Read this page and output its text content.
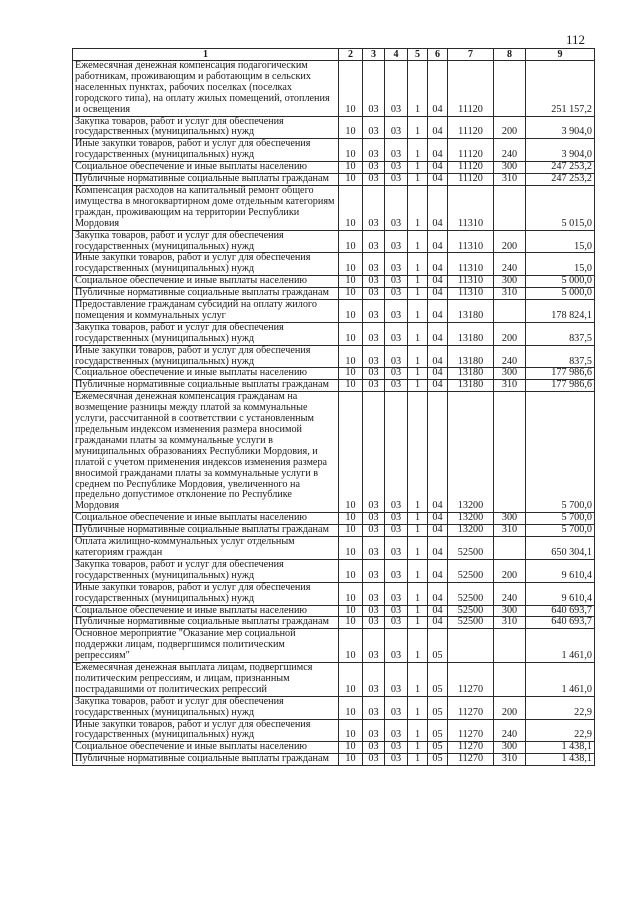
112
1	2	3	4	5	6	7	8	9
Ежемесячная денежная компенсация подагогическим работникам, проживающим и работающим в сельских населенных пунктах, рабочих поселках (поселках городского типа), на оплату жилых помещений, отопления и освещения	10	03	03	1	04	11120		251 157,2
Закупка товаров, работ и услуг для обеспечения государственных (муниципальных) нужд	10	03	03	1	04	11120	200	3 904,0
Иные закупки товаров, работ и услуг для обеспечения государственных (муниципальных) нужд	10	03	03	1	04	11120	240	3 904,0
Социальное обеспечение и иные выплаты населению	10	03	03	1	04	11120	300	247 253,2
Публичные нормативные социальные выплаты гражданам	10	03	03	1	04	11120	310	247 253,2
Компенсация расходов на капитальный ремонт общего имущества в многоквартирном доме отдельным категориям граждан, проживающим на территории Республики Мордовия	10	03	03	1	04	11310		5 015,0
Закупка товаров, работ и услуг для обеспечения государственных (муниципальных) нужд	10	03	03	1	04	11310	200	15,0
Иные закупки товаров, работ и услуг для обеспечения государственных (муниципальных) нужд	10	03	03	1	04	11310	240	15,0
Социальное обеспечение и иные выплаты населению	10	03	03	1	04	11310	300	5 000,0
Публичные нормативные социальные выплаты гражданам	10	03	03	1	04	11310	310	5 000,0
Предоставление гражданам субсидий на оплату жилого помещения и коммунальных услуг	10	03	03	1	04	13180		178 824,1
Закупка товаров, работ и услуг для обеспечения государственных (муниципальных) нужд	10	03	03	1	04	13180	200	837,5
Иные закупки товаров, работ и услуг для обеспечения государственных (муниципальных) нужд	10	03	03	1	04	13180	240	837,5
Социальное обеспечение и иные выплаты населению	10	03	03	1	04	13180	300	177 986,6
Публичные нормативные социальные выплаты гражданам	10	03	03	1	04	13180	310	177 986,6
Ежемесячная денежная компенсация гражданам на возмещение разницы между платой за коммунальные услуги, рассчитанной в соответствии с установленным предельным индексом изменения размера вносимой гражданами платы за коммунальные услуги в муниципальных образованиях Республики Мордовия, и платой с учетом применения индексов изменения размера вносимой гражданами платы за коммунальные услуги в среднем по Республике Мордовия, увеличенного на предельно допустимое отклонение по Республике Мордовия	10	03	03	1	04	13200		5 700,0
Социальное обеспечение и иные выплаты населению	10	03	03	1	04	13200	300	5 700,0
Публичные нормативные социальные выплаты гражданам	10	03	03	1	04	13200	310	5 700,0
Оплата жилищно-коммунальных услуг отдельным категориям граждан	10	03	03	1	04	52500		650 304,1
Закупка товаров, работ и услуг для обеспечения государственных (муниципальных) нужд	10	03	03	1	04	52500	200	9 610,4
Иные закупки товаров, работ и услуг для обеспечения государственных (муниципальных) нужд	10	03	03	1	04	52500	240	9 610,4
Социальное обеспечение и иные выплаты населению	10	03	03	1	04	52500	300	640 693,7
Публичные нормативные социальные выплаты гражданам	10	03	03	1	04	52500	310	640 693,7
Основное мероприятие "Оказание мер социальной поддержки лицам, подвергшимся политическим репрессиям"	10	03	03	1	05			1 461,0
Ежемесячная денежная выплата лицам, подвергшимся политическим репрессиям, и лицам, признанным пострадавшими от политических репрессий	10	03	03	1	05	11270		1 461,0
Закупка товаров, работ и услуг для обеспечения государственных (муниципальных) нужд	10	03	03	1	05	11270	200	22,9
Иные закупки товаров, работ и услуг для обеспечения государственных (муниципальных) нужд	10	03	03	1	05	11270	240	22,9
Социальное обеспечение и иные выплаты населению	10	03	03	1	05	11270	300	1 438,1
Публичные нормативные социальные выплаты гражданам	10	03	03	1	05	11270	310	1 438,1
